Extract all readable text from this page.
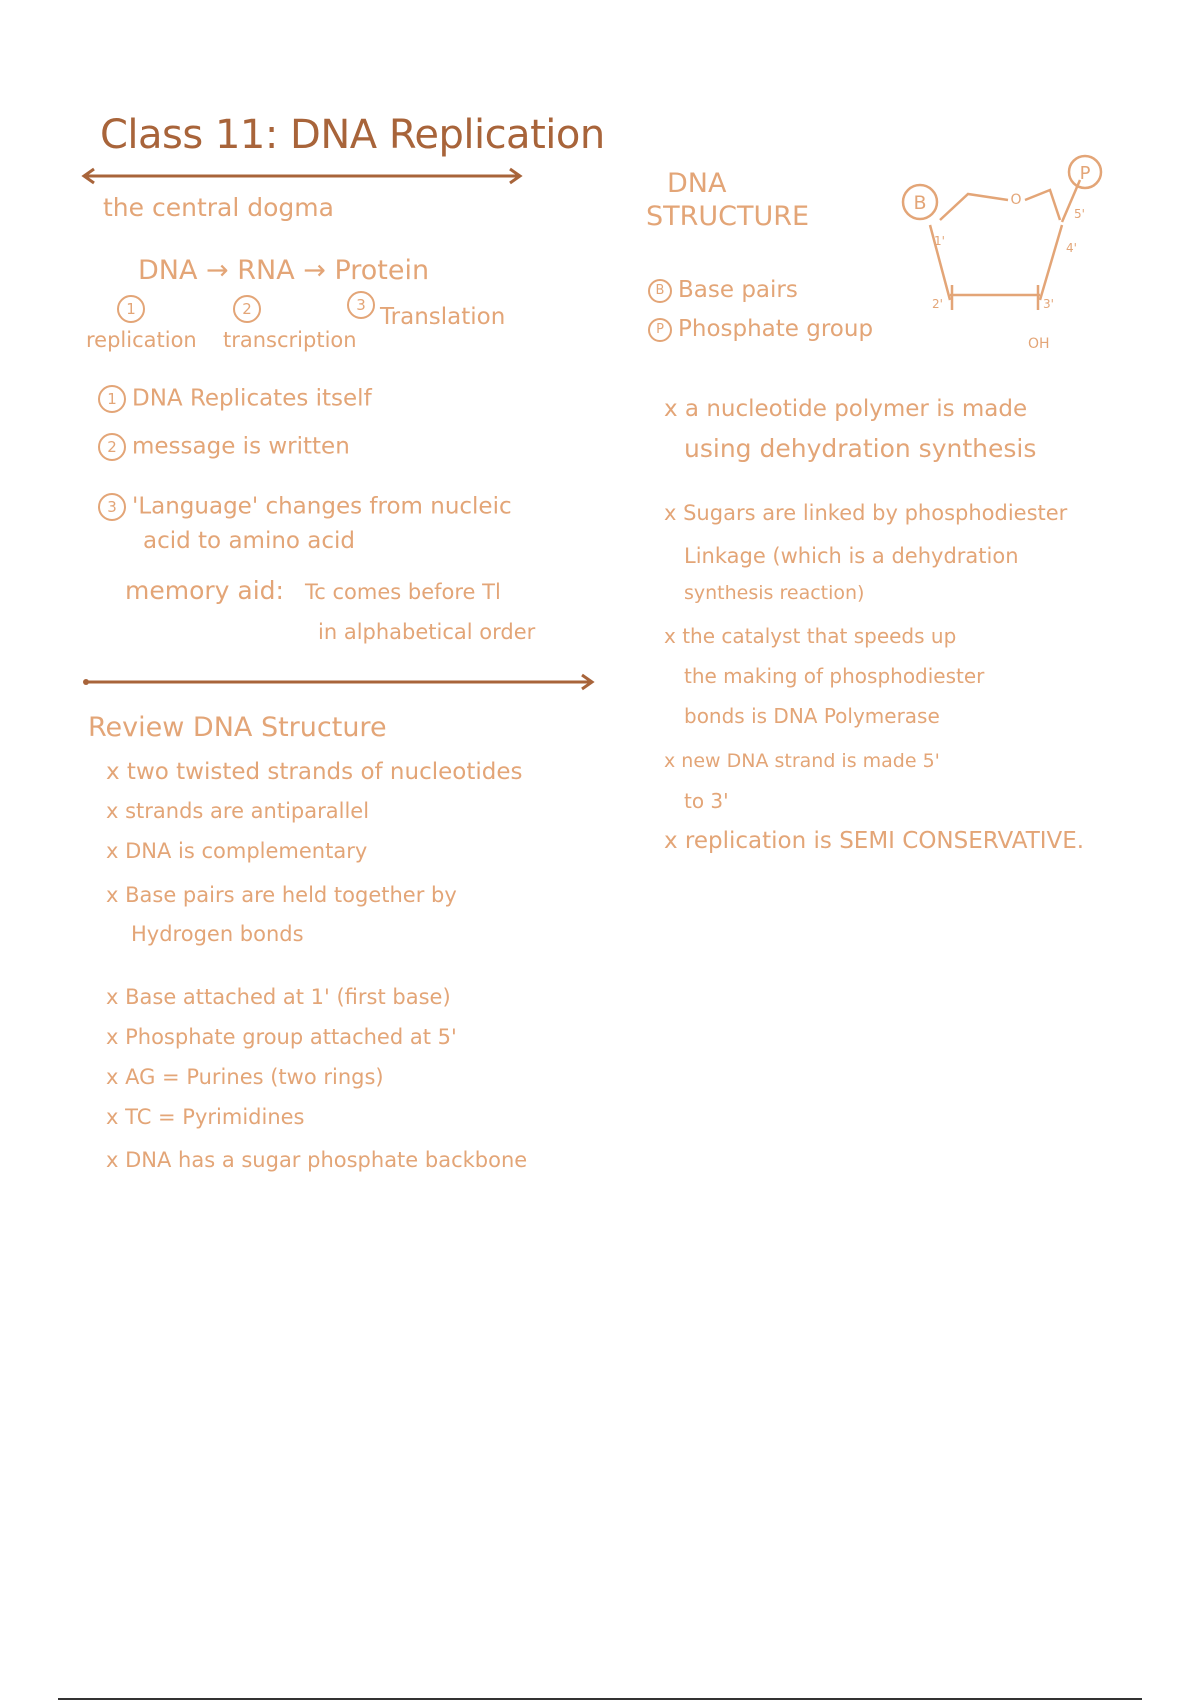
Class 11: DNA Replication
the central dogma
DNA → RNA → Protein
1	2	3
replication transcription
Translation
1 DNA Replicates itself
2 message is written
3 'Language' changes from nucleic
acid to amino acid
memory aid: Tc comes before Tl
in alphabetical order
Review DNA Structure
x two twisted strands of nucleotides
x strands are antiparallel
x DNA is complementary
x Base pairs are held together by
Hydrogen bonds
x Base attached at 1' (first base)
x Phosphate group attached at 5'
x AG = Purines (two rings)
x TC = Pyrimidines
x DNA has a sugar phosphate backbone
DNA
STRUCTURE
B Base pairs
P Phosphate group
B
P
O
1'
2'	3'
4'
5'
OH
x a nucleotide polymer is made
using dehydration synthesis
x Sugars are linked by phosphodiester
Linkage (which is a dehydration
synthesis reaction)
x the catalyst that speeds up
the making of phosphodiester
bonds is DNA Polymerase
x new DNA strand is made 5'
to 3'
x replication is SEMI CONSERVATIVE.
